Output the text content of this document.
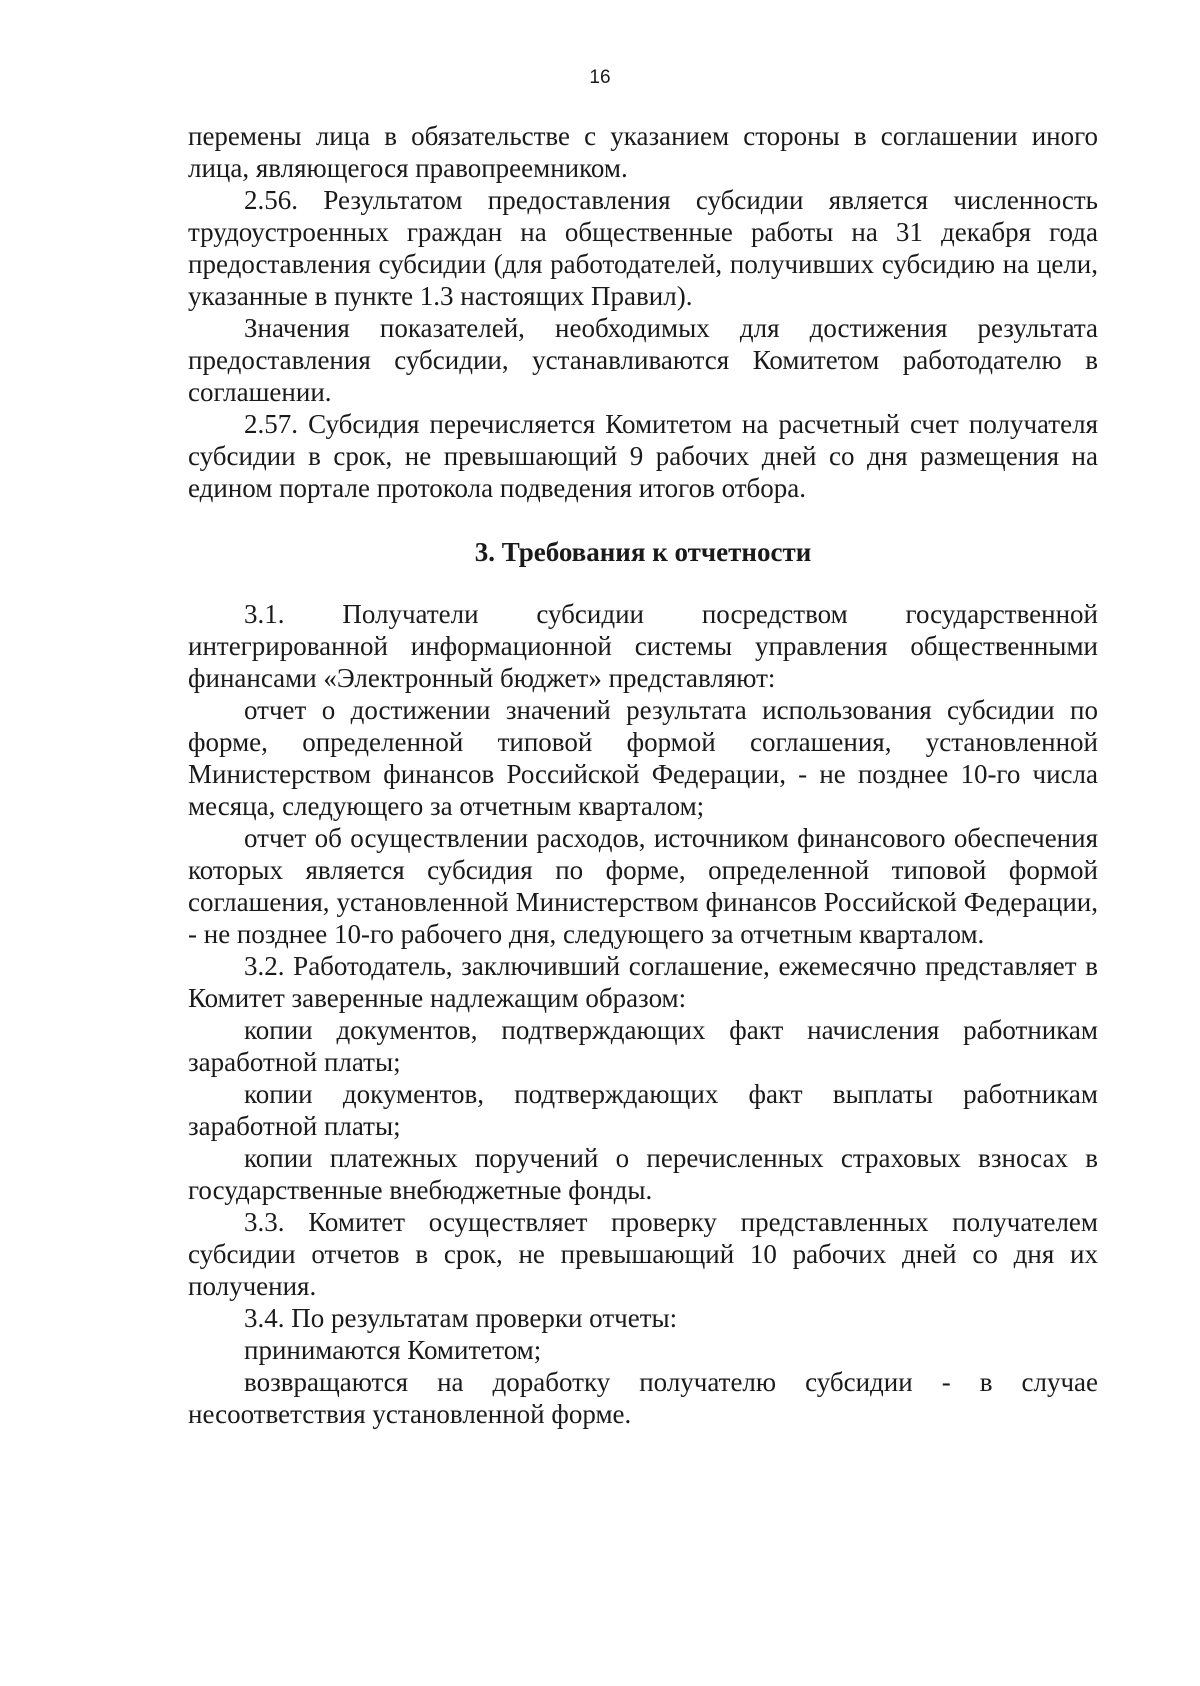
16

перемены лица в обязательстве с указанием стороны в соглашении иного лица, являющегося правопреемником.

2.56. Результатом предоставления субсидии является численность трудоустроенных граждан на общественные работы на 31 декабря года предоставления субсидии (для работодателей, получивших субсидию на цели, указанные в пункте 1.3 настоящих Правил).

Значения показателей, необходимых для достижения результата предоставления субсидии, устанавливаются Комитетом работодателю в соглашении.

2.57. Субсидия перечисляется Комитетом на расчетный счет получателя субсидии в срок, не превышающий 9 рабочих дней со дня размещения на едином портале протокола подведения итогов отбора.

3. Требования к отчетности

3.1. Получатели субсидии посредством государственной интегрированной информационной системы управления общественными финансами «Электронный бюджет» представляют:

отчет о достижении значений результата использования субсидии по форме, определенной типовой формой соглашения, установленной Министерством финансов Российской Федерации, - не позднее 10-го числа месяца, следующего за отчетным кварталом;

отчет об осуществлении расходов, источником финансового обеспечения которых является субсидия по форме, определенной типовой формой соглашения, установленной Министерством финансов Российской Федерации, - не позднее 10-го рабочего дня, следующего за отчетным кварталом.

3.2. Работодатель, заключивший соглашение, ежемесячно представляет в Комитет заверенные надлежащим образом:

копии документов, подтверждающих факт начисления работникам заработной платы;

копии документов, подтверждающих факт выплаты работникам заработной платы;

копии платежных поручений о перечисленных страховых взносах в государственные внебюджетные фонды.

3.3. Комитет осуществляет проверку представленных получателем субсидии отчетов в срок, не превышающий 10 рабочих дней со дня их получения.

3.4. По результатам проверки отчеты:

принимаются Комитетом;

возвращаются на доработку получателю субсидии - в случае несоответствия установленной форме.
